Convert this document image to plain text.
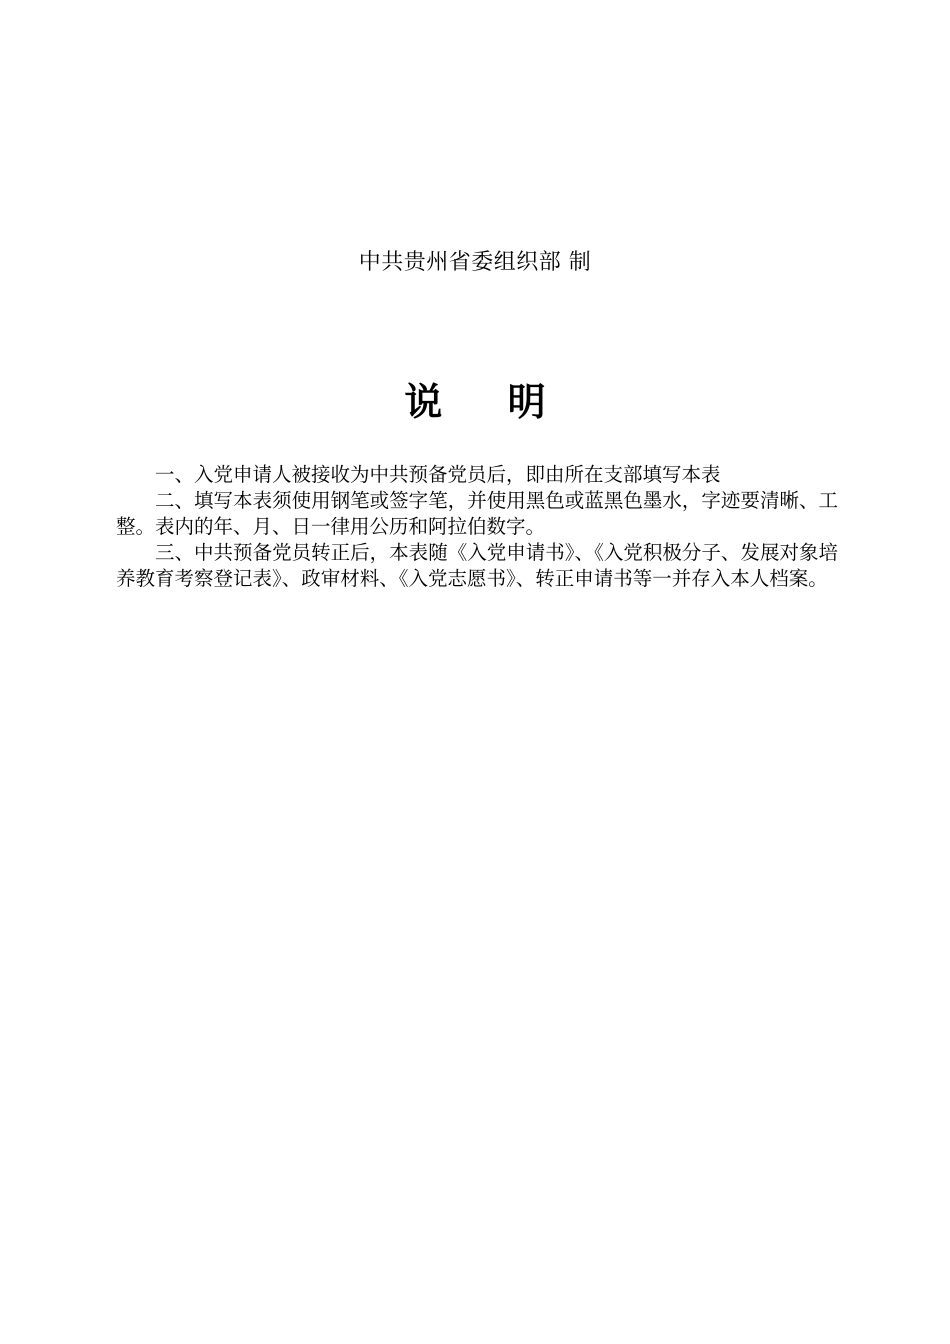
中共贵州省委组织部 制
说 明

一、入党申请人被接收为中共预备党员后，即由所在支部填写本表

二、填写本表须使用钢笔或签字笔，并使用黑色或蓝黑色墨水，字迹要清晰、工整。表内的年、月、日一律用公历和阿拉伯数字。

三、中共预备党员转正后，本表随《入党申请书》、《入党积极分子、发展对象培养教育考察登记表》、政审材料、《入党志愿书》、转正申请书等一并存入本人档案。
